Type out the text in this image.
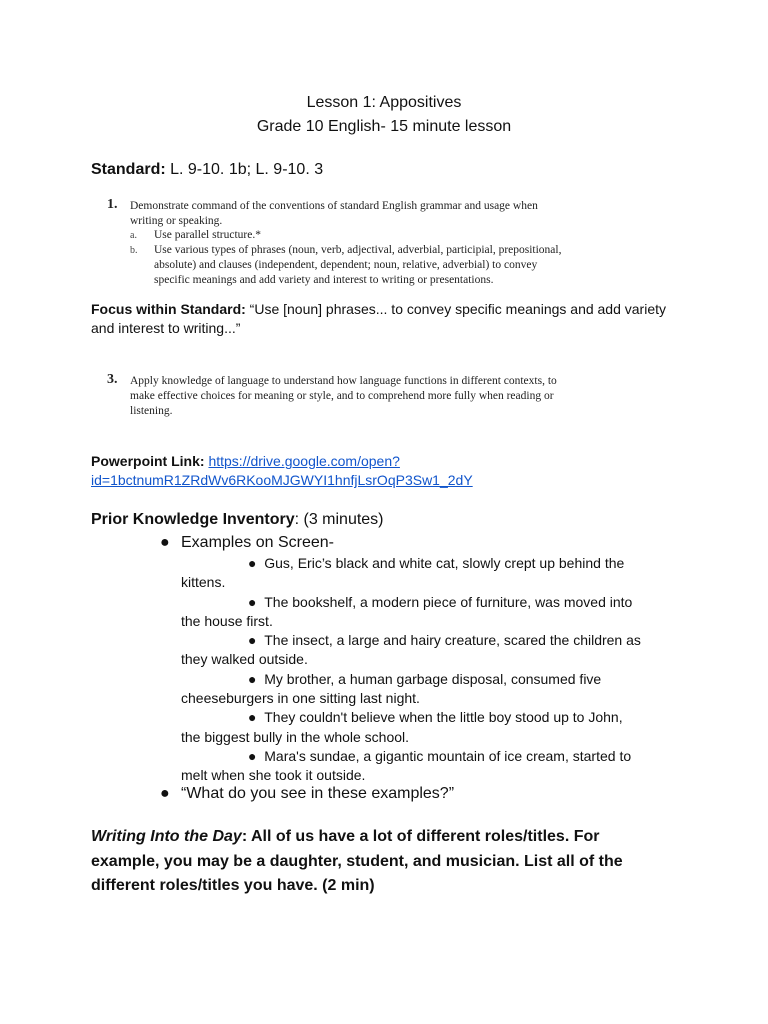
Lesson 1: Appositives
Grade 10 English- 15 minute lesson
Standard: L. 9-10. 1b; L. 9-10. 3
1. Demonstrate command of the conventions of standard English grammar and usage when
writing or speaking.
a. Use parallel structure.*
b. Use various types of phrases (noun, verb, adjectival, adverbial, participial, prepositional,
absolute) and clauses (independent, dependent; noun, relative, adverbial) to convey
specific meanings and add variety and interest to writing or presentations.
Focus within Standard: “Use [noun] phrases... to convey specific meanings and add variety
and interest to writing...”
3. Apply knowledge of language to understand how language functions in different contexts, to
make effective choices for meaning or style, and to comprehend more fully when reading or
listening.
Powerpoint Link: https://drive.google.com/open?
id=1bctnumR1ZRdWv6RKooMJGWYI1hnfjLsrOqP3Sw1_2dY
Prior Knowledge Inventory: (3 minutes)
● Examples on Screen-
● Gus, Eric’s black and white cat, slowly crept up behind the
kittens.
● The bookshelf, a modern piece of furniture, was moved into
the house first.
● The insect, a large and hairy creature, scared the children as
they walked outside.
● My brother, a human garbage disposal, consumed five
cheeseburgers in one sitting last night.
● They couldn't believe when the little boy stood up to John,
the biggest bully in the whole school.
● Mara's sundae, a gigantic mountain of ice cream, started to
melt when she took it outside.
● “What do you see in these examples?”
Writing Into the Day: All of us have a lot of different roles/titles. For
example, you may be a daughter, student, and musician. List all of the
different roles/titles you have. (2 min)
